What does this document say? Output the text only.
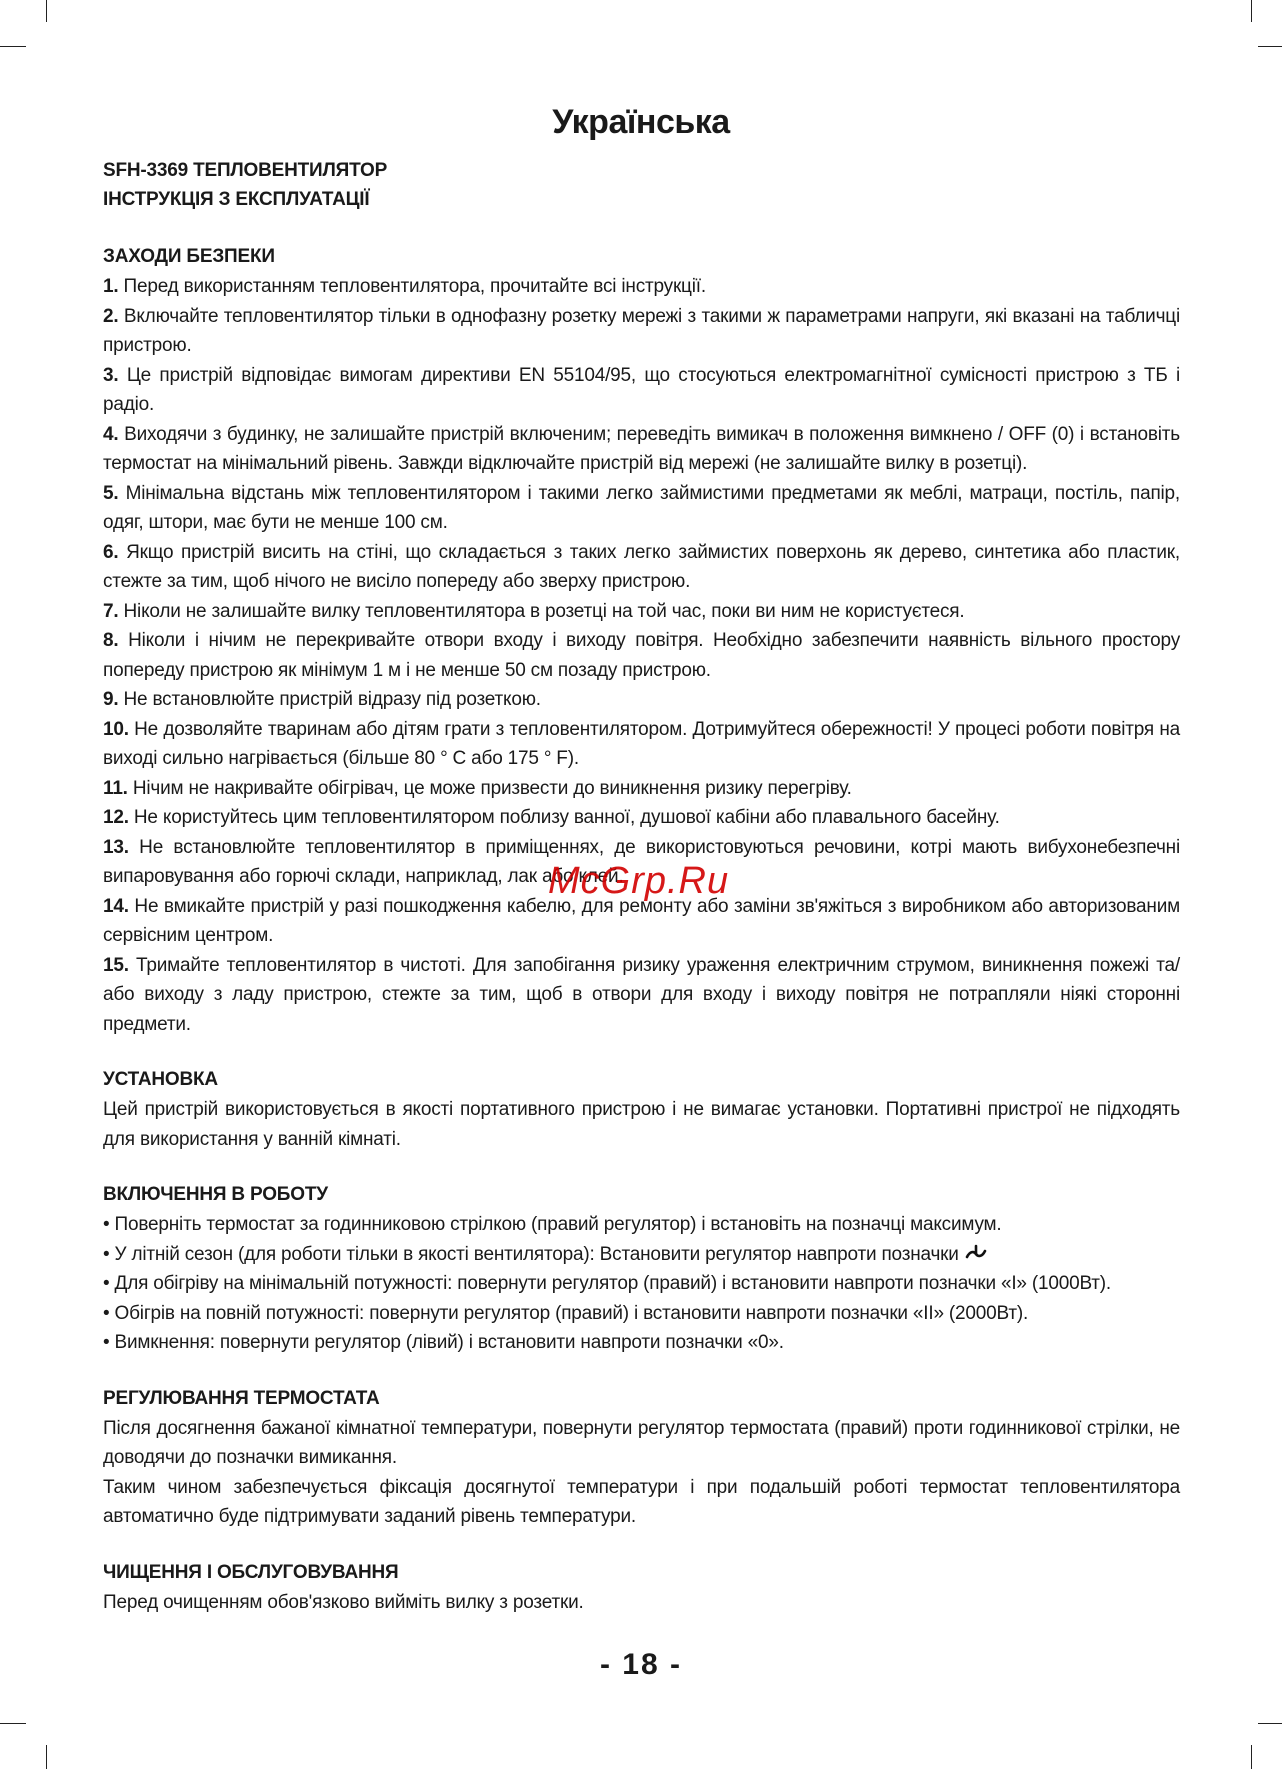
Українська
SFH-3369 ТЕПЛОВЕНТИЛЯТОР
ІНСТРУКЦІЯ З ЕКСПЛУАТАЦІЇ
ЗАХОДИ БЕЗПЕКИ

1. Перед використанням тепловентилятора, прочитайте всі інструкції.

2. Включайте тепловентилятор тільки в однофазну розетку мережі з такими ж параметрами напруги, які вказані на табличці пристрою.

3. Це пристрій відповідає вимогам директиви EN 55104/95, що стосуються електромагнітної сумісності пристрою з ТБ і радіо.

4. Виходячи з будинку, не залишайте пристрій включеним; переведіть вимикач в положення вимкнено / OFF (0) і встановіть термостат на мінімальний рівень. Завжди відключайте пристрій від мережі (не залишайте вилку в розетці).

5. Мінімальна відстань між тепловентилятором і такими легко займистими предметами як меблі, матраци, постіль, папір, одяг, штори, має бути не менше 100 см.

6. Якщо пристрій висить на стіні, що складається з таких легко займистих поверхонь як дерево, синтетика або пластик, стежте за тим, щоб нічого не висіло попереду або зверху пристрою.

7. Ніколи не залишайте вилку тепловентилятора в розетці на той час, поки ви ним не користуєтеся.

8. Ніколи і нічим не перекривайте отвори входу і виходу повітря. Необхідно забезпечити наявність вільного простору попереду пристрою як мінімум 1 м і не менше 50 см позаду пристрою.

9. Не встановлюйте пристрій відразу під розеткою.

10. Не дозволяйте тваринам або дітям грати з тепловентилятором. Дотримуйтеся обережності! У процесі роботи повітря на виході сильно нагрівається (більше 80 ° С або 175 ° F).

11. Нічим не накривайте обігрівач, це може призвести до виникнення ризику перегріву.

12. Не користуйтесь цим тепловентилятором поблизу ванної, душової кабіни або плавального басейну.

13. Не встановлюйте тепловентилятор в приміщеннях, де використовуються речовини, котрі мають вибухонебезпечні випаровування або горючі склади, наприклад, лак або клей.

14. Не вмикайте пристрій у разі пошкодження кабелю, для ремонту або заміни зв'яжіться з виробником або авторизованим сервісним центром.

15. Тримайте тепловентилятор в чистоті. Для запобігання ризику ураження електричним струмом, виникнення пожежі та/або виходу з ладу пристрою, стежте за тим, щоб в отвори для входу і виходу повітря не потрапляли ніякі сторонні предмети.

УСТАНОВКА

Цей пристрій використовується в якості портативного пристрою і не вимагає установки. Портативні пристрої не підходять для використання у ванній кімнаті.

ВКЛЮЧЕННЯ В РОБОТУ

• Поверніть термостат за годинниковою стрілкою (правий регулятор) і встановіть на позначці максимум.

• У літній сезон (для роботи тільки в якості вентилятора): Встановити регулятор навпроти позначки

• Для обігріву на мінімальній потужності: повернути регулятор (правий) і встановити навпроти позначки «I» (1000Вт).

• Обігрів на повній потужності: повернути регулятор (правий) і встановити навпроти позначки «II» (2000Вт).

• Вимкнення: повернути регулятор (лівий) і встановити навпроти позначки «0».

РЕГУЛЮВАННЯ ТЕРМОСТАТА

Після досягнення бажаної кімнатної температури, повернути регулятор термостата (правий) проти годинникової стрілки, не доводячи до позначки вимикання.

Таким чином забезпечується фіксація досягнутої температури і при подальшій роботі термостат тепловентилятора автоматично буде підтримувати заданий рівень температури.

ЧИЩЕННЯ І ОБСЛУГОВУВАННЯ

Перед очищенням обов'язково вийміть вилку з розетки.

McGrp.Ru
- 18 -
